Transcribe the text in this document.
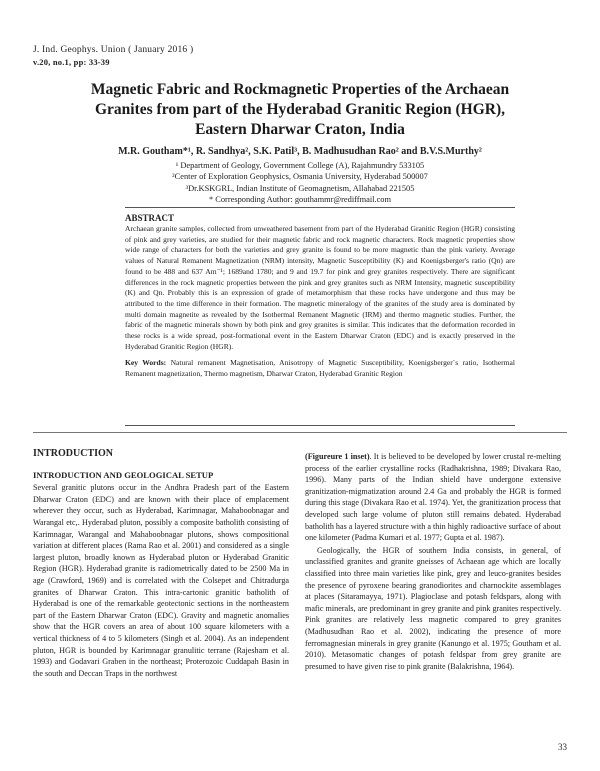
J. Ind. Geophys. Union ( January 2016 )
v.20, no.1, pp: 33-39
Magnetic Fabric and Rockmagnetic Properties of the Archaean
Granites from part of the Hyderabad Granitic Region (HGR),
Eastern Dharwar Craton, India
M.R. Goutham*¹, R. Sandhya², S.K. Patil³, B. Madhusudhan Rao² and B.V.S.Murthy²
¹ Department of Geology, Government College (A), Rajahmundry 533105
²Center of Exploration Geophysics, Osmania University, Hyderabad 500007
³Dr.KSKGRL, Indian Institute of Geomagnetism, Allahabad 221505
* Corresponding Author: gouthammr@rediffmail.com
ABSTRACT
Archaean granite samples, collected from unweathered basement from part of the Hyderabad Granitic Region (HGR) consisting of pink and grey varieties, are studied for their magnetic fabric and rock magnetic characters. Rock magnetic properties show wide range of characters for both the varieties and grey granite is found to be more magnetic than the pink variety. Average values of Natural Remanent Magnetization (NRM) intensity, Magnetic Susceptibility (K) and Koenigsberger's ratio (Qn) are found to be 488 and 637 Am⁻¹; 1689and 1780; and 9 and 19.7 for pink and grey granites respectively. There are significant differences in the rock magnetic properties between the pink and grey granites such as NRM Intensity, magnetic susceptibility (K) and Qn. Probably this is an expression of grade of metamorphism that these rocks have undergone and thus may be attributed to the time difference in their formation. The magnetic mineralogy of the granites of the study area is dominated by multi domain magnetite as revealed by the Isothermal Remanent Magnetic (IRM) and thermo magnetic studies. Further, the fabric of the magnetic minerals shown by both pink and grey granites is similar. This indicates that the deformation recorded in these rocks is a wide spread, post-formational event in the Eastern Dharwar Craton (EDC) and is exactly preserved in the Hyderabad Granitic Region (HGR).
Key Words: Natural remanent Magnetisation, Anisotropy of Magnetic Susceptibility, Koenigsberger`s ratio, Isothermal Remanent magnetization, Thermo magnetism, Dharwar Craton, Hyderabad Granitic Region
INTRODUCTION
INTRODUCTION AND GEOLOGICAL SETUP
Several granitic plutons occur in the Andhra Pradesh part of the Eastern Dharwar Craton (EDC) and are known with their place of emplacement wherever they occur, such as Hyderabad, Karimnagar, Mahaboobnagar and Warangal etc,. Hyderabad pluton, possibly a composite batholith consisting of Karimnagar, Warangal and Mahaboobnagar plutons, shows compositional variation at different places (Rama Rao et al. 2001) and considered as a single largest pluton, broadly known as Hyderabad pluton or Hyderabad Granitic Region (HGR). Hyderabad granite is radiometrically dated to be 2500 Ma in age (Crawford, 1969) and is correlated with the Colsepet and Chitradurga granites of Dharwar Craton. This intra-cartonic granitic batholith of Hyderabad is one of the remarkable geotectonic sections in the northeastern part of the Eastern Dharwar Craton (EDC). Gravity and magnetic anomalies show that the HGR covers an area of about 100 square kilometers with a vertical thickness of 4 to 5 kilometers (Singh et al. 2004). As an independent pluton, HGR is bounded by Karimnagar granulitic terrane (Rajesham et al. 1993) and Godavari Graben in the northeast; Proterozoic Cuddapah Basin in the south and Deccan Traps in the northwest
(Figureure 1 inset). It is believed to be developed by lower crustal re-melting process of the earlier crystalline rocks (Radhakrishna, 1989; Divakara Rao, 1996). Many parts of the Indian shield have undergone extensive granitization-migmatization around 2.4 Ga and probably the HGR is formed during this stage (Divakara Rao et al. 1974). Yet, the granitization process that developed such large volume of pluton still remains debated. Hyderabad batholith has a layered structure with a thin highly radioactive surface of about one kilometer (Padma Kumari et al. 1977; Gupta et al. 1987).
Geologically, the HGR of southern India consists, in general, of unclassified granites and granite gneisses of Achaean age which are locally classified into three main varieties like pink, grey and leuco-granites besides the presence of pyroxene bearing granodiorites and charnockite assemblages at places (Sitaramayya, 1971). Plagioclase and potash feldspars, along with mafic minerals, are predominant in grey granite and pink granites respectively. Pink granites are relatively less magnetic compared to grey granites (Madhusudhan Rao et al. 2002), indicating the presence of more ferromagnesian minerals in grey granite (Kanungo et al. 1975; Goutham et al. 2010). Metasomatic changes of potash feldspar from grey granite are presumed to have given rise to pink granite (Balakrishna, 1964).
33
